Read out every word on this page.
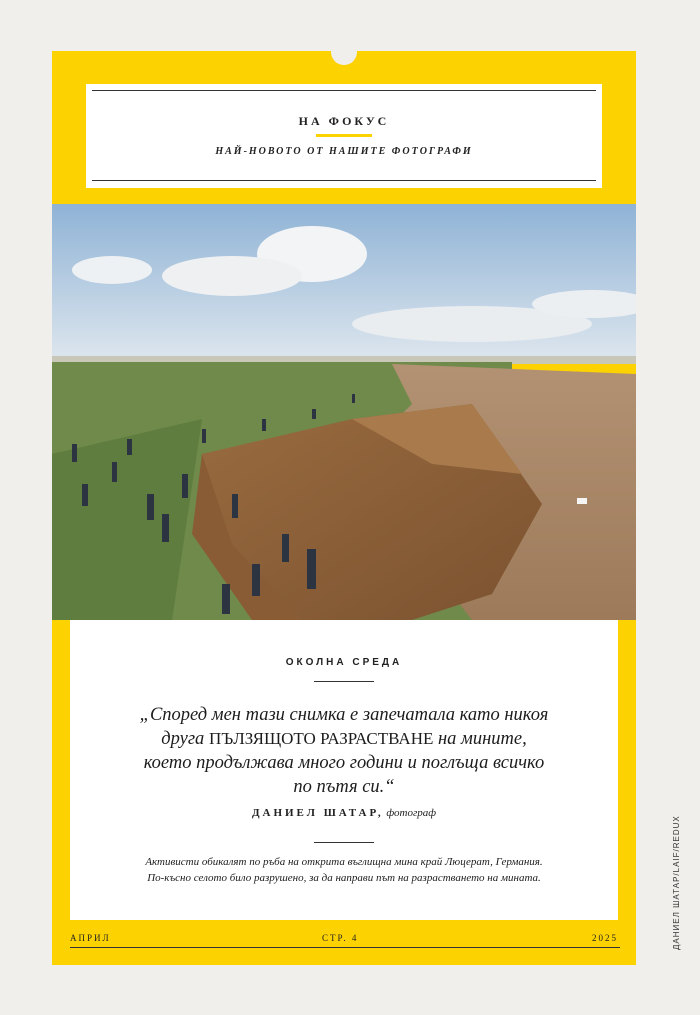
НА ФОКУС
НАЙ-НОВОТО ОТ НАШИТЕ ФОТОГРАФИ
ОКОЛНА СРЕДА
„Според мен тази снимка е запечатала като никоя
друга ПЪЛЗЯЩОТО РАЗРАСТВАНЕ на мините,
което продължава много години и поглъща всичко
по пътя си.“
ДАНИЕЛ ШАТАР, фотограф
Активисти обикалят по ръба на открита въглищна мина край Люцерат, Германия.
По-късно селото било разрушено, за да направи път на разрастването на мината.
АПРИЛ	СТР. 4	2025	ДАНИЕЛ ШАТАР/LAIF/REDUX
